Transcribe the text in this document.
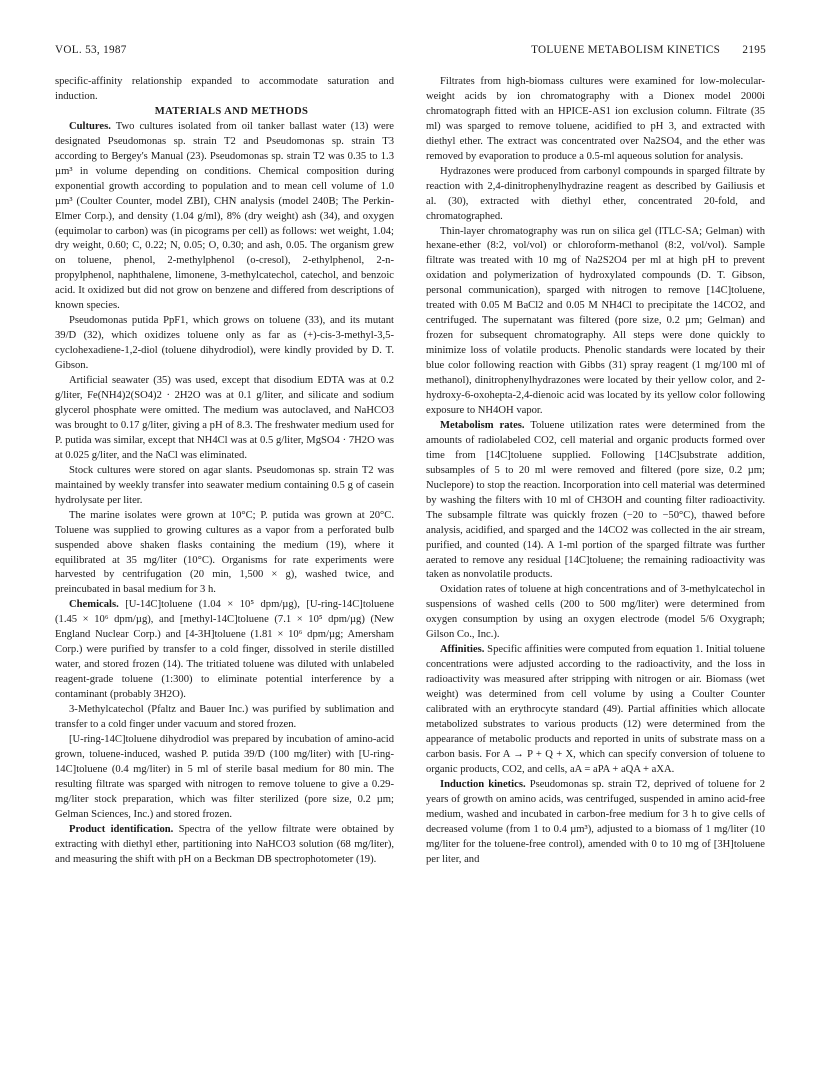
VOL. 53, 1987	TOLUENE METABOLISM KINETICS 2195

specific-affinity relationship expanded to accommodate saturation and induction.

MATERIALS AND METHODS

Cultures. Two cultures isolated from oil tanker ballast water (13) were designated Pseudomonas sp. strain T2 and Pseudomonas sp. strain T3 according to Bergey's Manual (23). Pseudomonas sp. strain T2 was 0.35 to 1.3 µm³ in volume depending on conditions. Chemical composition during exponential growth according to population and to mean cell volume of 1.0 µm³ (Coulter Counter, model ZBI), CHN analysis (model 240B; The Perkin-Elmer Corp.), and density (1.04 g/ml), 8% (dry weight) ash (34), and oxygen (equimolar to carbon) was (in picograms per cell) as follows: wet weight, 1.04; dry weight, 0.60; C, 0.22; N, 0.05; O, 0.30; and ash, 0.05. The organism grew on toluene, phenol, 2-methylphenol (o-cresol), 2-ethylphenol, 2-n-propylphenol, naphthalene, limonene, 3-methylcatechol, catechol, and benzoic acid. It oxidized but did not grow on benzene and differed from descriptions of known species.

Pseudomonas putida PpF1, which grows on toluene (33), and its mutant 39/D (32), which oxidizes toluene only as far as (+)-cis-3-methyl-3,5-cyclohexadiene-1,2-diol (toluene dihydrodiol), were kindly provided by D. T. Gibson.

Artificial seawater (35) was used, except that disodium EDTA was at 0.2 g/liter, Fe(NH4)2(SO4)2 · 2H2O was at 0.1 g/liter, and silicate and sodium glycerol phosphate were omitted. The medium was autoclaved, and NaHCO3 was brought to 0.17 g/liter, giving a pH of 8.3. The freshwater medium used for P. putida was similar, except that NH4Cl was at 0.5 g/liter, MgSO4 · 7H2O was at 0.025 g/liter, and the NaCl was eliminated.

Stock cultures were stored on agar slants. Pseudomonas sp. strain T2 was maintained by weekly transfer into seawater medium containing 0.5 g of casein hydrolysate per liter.

The marine isolates were grown at 10°C; P. putida was grown at 20°C. Toluene was supplied to growing cultures as a vapor from a perforated bulb suspended above shaken flasks containing the medium (19), where it equilibrated at 35 mg/liter (10°C). Organisms for rate experiments were harvested by centrifugation (20 min, 1,500 × g), washed twice, and preincubated in basal medium for 3 h.

Chemicals. [U-14C]toluene (1.04 × 10⁵ dpm/µg), [U-ring-14C]toluene (1.45 × 10⁶ dpm/µg), and [methyl-14C]toluene (7.1 × 10⁵ dpm/µg) (New England Nuclear Corp.) and [4-3H]toluene (1.81 × 10⁶ dpm/µg; Amersham Corp.) were purified by transfer to a cold finger, dissolved in sterile distilled water, and stored frozen (14). The tritiated toluene was diluted with unlabeled reagent-grade toluene (1:300) to eliminate potential interference by a contaminant (probably 3H2O).

3-Methylcatechol (Pfaltz and Bauer Inc.) was purified by sublimation and transfer to a cold finger under vacuum and stored frozen.

[U-ring-14C]toluene dihydrodiol was prepared by incubation of amino-acid grown, toluene-induced, washed P. putida 39/D (100 mg/liter) with [U-ring-14C]toluene (0.4 mg/liter) in 5 ml of sterile basal medium for 80 min. The resulting filtrate was sparged with nitrogen to remove toluene to give a 0.29-mg/liter stock preparation, which was filter sterilized (pore size, 0.2 µm; Gelman Sciences, Inc.) and stored frozen.

Product identification. Spectra of the yellow filtrate were obtained by extracting with diethyl ether, partitioning into NaHCO3 solution (68 mg/liter), and measuring the shift with pH on a Beckman DB spectrophotometer (19).

Filtrates from high-biomass cultures were examined for low-molecular-weight acids by ion chromatography with a Dionex model 2000i chromatograph fitted with an HPICE-AS1 ion exclusion column. Filtrate (35 ml) was sparged to remove toluene, acidified to pH 3, and extracted with diethyl ether. The extract was concentrated over Na2SO4, and the ether was removed by evaporation to produce a 0.5-ml aqueous solution for analysis.

Hydrazones were produced from carbonyl compounds in sparged filtrate by reaction with 2,4-dinitrophenylhydrazine reagent as described by Gailiusis et al. (30), extracted with diethyl ether, concentrated 20-fold, and chromatographed.

Thin-layer chromatography was run on silica gel (ITLC-SA; Gelman) with hexane-ether (8:2, vol/vol) or chloroform-methanol (8:2, vol/vol). Sample filtrate was treated with 10 mg of Na2S2O4 per ml at high pH to prevent oxidation and polymerization of hydroxylated compounds (D. T. Gibson, personal communication), sparged with nitrogen to remove [14C]toluene, treated with 0.05 M BaCl2 and 0.05 M NH4Cl to precipitate the 14CO2, and centrifuged. The supernatant was filtered (pore size, 0.2 µm; Gelman) and frozen for subsequent chromatography. All steps were done quickly to minimize loss of volatile products. Phenolic standards were located by their blue color following reaction with Gibbs (31) spray reagent (1 mg/100 ml of methanol), dinitrophenylhydrazones were located by their yellow color, and 2-hydroxy-6-oxohepta-2,4-dienoic acid was located by its yellow color following exposure to NH4OH vapor.

Metabolism rates. Toluene utilization rates were determined from the amounts of radiolabeled CO2, cell material and organic products formed over time from [14C]toluene supplied. Following [14C]substrate addition, subsamples of 5 to 20 ml were removed and filtered (pore size, 0.2 µm; Nuclepore) to stop the reaction. Incorporation into cell material was determined by washing the filters with 10 ml of CH3OH and counting filter radioactivity. The subsample filtrate was quickly frozen (−20 to −50°C), thawed before analysis, acidified, and sparged and the 14CO2 was collected in the air stream, purified, and counted (14). A 1-ml portion of the sparged filtrate was further aerated to remove any residual [14C]toluene; the remaining radioactivity was taken as nonvolatile products.

Oxidation rates of toluene at high concentrations and of 3-methylcatechol in suspensions of washed cells (200 to 500 mg/liter) were determined from oxygen consumption by using an oxygen electrode (model 5/6 Oxygraph; Gilson Co., Inc.).

Affinities. Specific affinities were computed from equation 1. Initial toluene concentrations were adjusted according to the radioactivity, and the loss in radioactivity was measured after stripping with nitrogen or air. Biomass (wet weight) was determined from cell volume by using a Coulter Counter calibrated with an erythrocyte standard (49). Partial affinities which allocate metabolized substrates to various products (12) were determined from the appearance of metabolic products and reported in units of substrate mass on a carbon basis. For A → P + Q + X, which can specify conversion of toluene to organic products, CO2, and cells, aA = aPA + aQA + aXA.

Induction kinetics. Pseudomonas sp. strain T2, deprived of toluene for 2 years of growth on amino acids, was centrifuged, suspended in amino acid-free medium, washed and incubated in carbon-free medium for 3 h to give cells of decreased volume (from 1 to 0.4 µm³), adjusted to a biomass of 1 mg/liter (10 mg/liter for the toluene-free control), amended with 0 to 10 mg of [3H]toluene per liter, and
